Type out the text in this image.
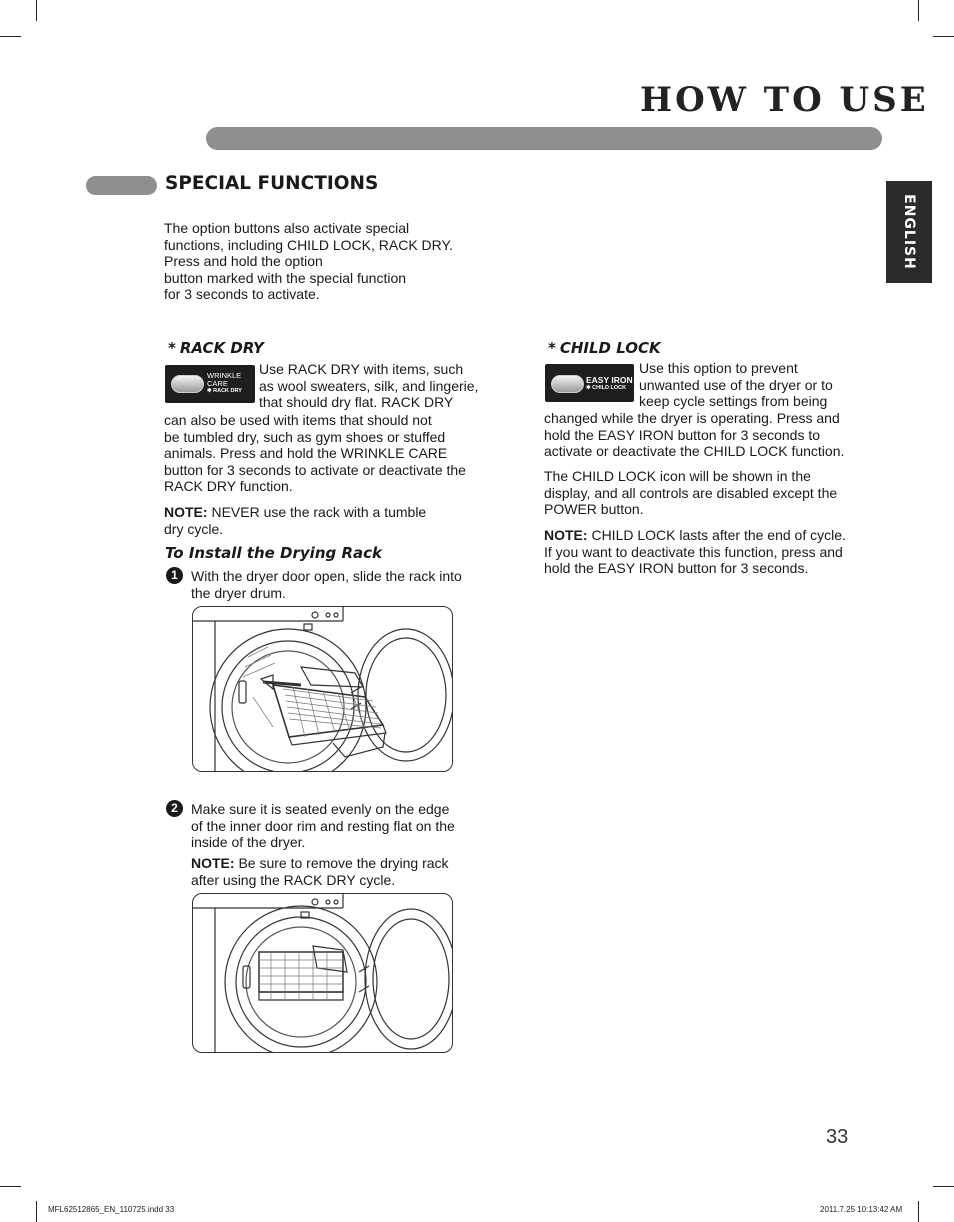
HOW TO USE
ENGLISH
SPECIAL FUNCTIONS
The option buttons also activate special
functions, including CHILD LOCK, RACK DRY.
Press and hold the option
button marked with the special function
for 3 seconds to activate.
* RACK DRY
WRINKLE
CARE
✱ RACK DRY
Use RACK DRY with items, such
as wool sweaters, silk, and lingerie,
that should dry flat. RACK DRY
can also be used with items that should not
be tumbled dry, such as gym shoes or stuffed
animals. Press and hold the WRINKLE CARE
button for 3 seconds to activate or deactivate the
RACK DRY function.
NOTE: NEVER use the rack with a tumble
dry cycle.
To Install the Drying Rack
1 With the dryer door open, slide the rack into
the dryer drum.
2 Make sure it is seated evenly on the edge
of the inner door rim and resting flat on the
inside of the dryer.
NOTE: Be sure to remove the drying rack
after using the RACK DRY cycle.
* CHILD LOCK
EASY IRON
✱ CHILD LOCK
Use this option to prevent
unwanted use of the dryer or to
keep cycle settings from being
changed while the dryer is operating. Press and
hold the EASY IRON button for 3 seconds to
activate or deactivate the CHILD LOCK function.
The CHILD LOCK icon will be shown in the
display, and all controls are disabled except the
POWER button.
NOTE: CHILD LOCK lasts after the end of cycle.
If you want to deactivate this function, press and
hold the EASY IRON button for 3 seconds.
33
MFL62512865_EN_110725.indd 33	2011.7.25 10:13:42 AM
